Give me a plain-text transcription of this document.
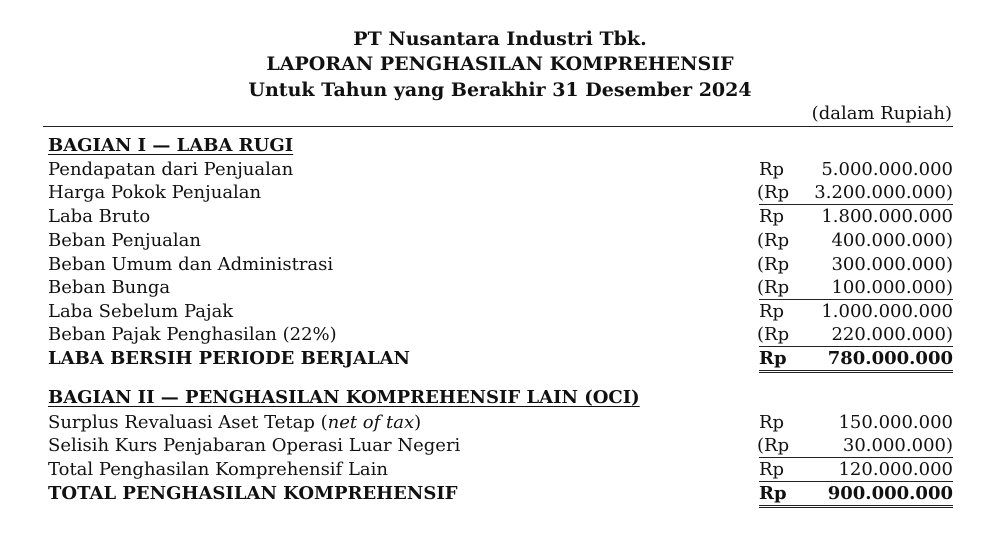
PT Nusantara Industri Tbk.
LAPORAN PENGHASILAN KOMPREHENSIF
Untuk Tahun yang Berakhir 31 Desember 2024
(dalam Rupiah)
BAGIAN I — LABA RUGI
Pendapatan dari Penjualan	Rp 5.000.000.000
Harga Pokok Penjualan	(Rp 3.200.000.000)
Laba Bruto	Rp 1.800.000.000
Beban Penjualan	(Rp 400.000.000)
Beban Umum dan Administrasi	(Rp 300.000.000)
Beban Bunga	(Rp 100.000.000)
Laba Sebelum Pajak	Rp 1.000.000.000
Beban Pajak Penghasilan (22%)	(Rp 220.000.000)
LABA BERSIH PERIODE BERJALAN	Rp 780.000.000
BAGIAN II — PENGHASILAN KOMPREHENSIF LAIN (OCI)
Surplus Revaluasi Aset Tetap (net of tax)	Rp	150.000.000
Selisih Kurs Penjabaran Operasi Luar Negeri	(Rp	30.000.000)
Total Penghasilan Komprehensif Lain	Rp	120.000.000
TOTAL PENGHASILAN KOMPREHENSIF	Rp 900.000.000
